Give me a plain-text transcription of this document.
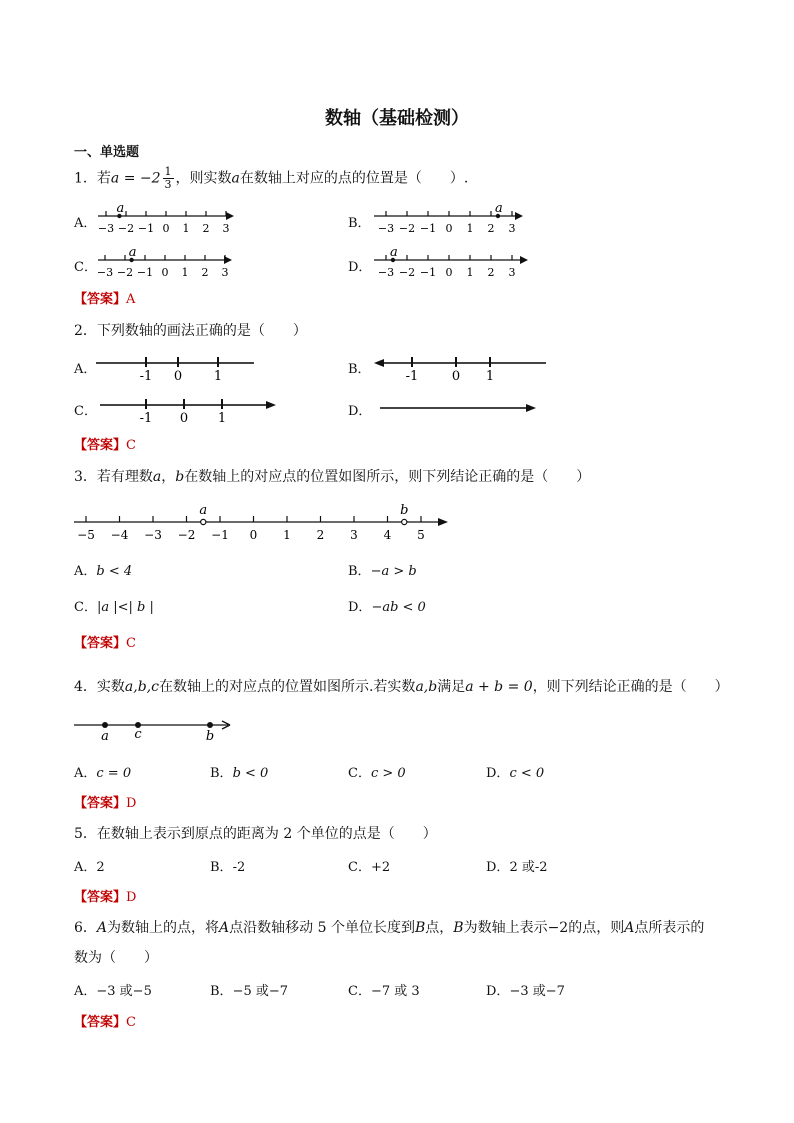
数轴（基础检测）
一、单选题
1．若$a = -2 \frac{1}{3}$ ，则实数a在数轴上对应的点的位置是（　　）.
A．	B．
C．	D．
−3 −2 −1 0 1 2 3
a
−3 −2 −1 0 1 2 3
a
−3 −2 −1 0 1 2 3
a
−3 −2 −1 0 1 2 3
a
【答案】A
2．下列数轴的画法正确的是（　　）
A．	B．
C．	D．
-1 0 1	-1	0 1
-1 0 1
【答案】C
3．若有理数a，b在数轴上的对应点的位置如图所示，则下列结论正确的是（　　）
−5 −4 −3 −2 −1 0 1 2 3 4 5
a	b
A．b < 4	B．−a > b
C．|a |<| b |	D．−ab < 0
【答案】C
4．实数a,b,c在数轴上的对应点的位置如图所示.若实数a,b满足a + b = 0，则下列结论正确的是（　　）
a c	b
A．c = 0	B．b < 0	C．c > 0	D．c < 0
【答案】D
5．在数轴上表示到原点的距离为 2 个单位的点是（　　）
A．2	B．-2	C．+2	D．2 或-2
【答案】D
6．A为数轴上的点，将A点沿数轴移动 5 个单位长度到B点，B为数轴上表示−2的点，则A点所表示的
数为（　　）
A．−3 或−5	B．−5 或−7	C．−7 或 3	D．−3 或−7
【答案】C
